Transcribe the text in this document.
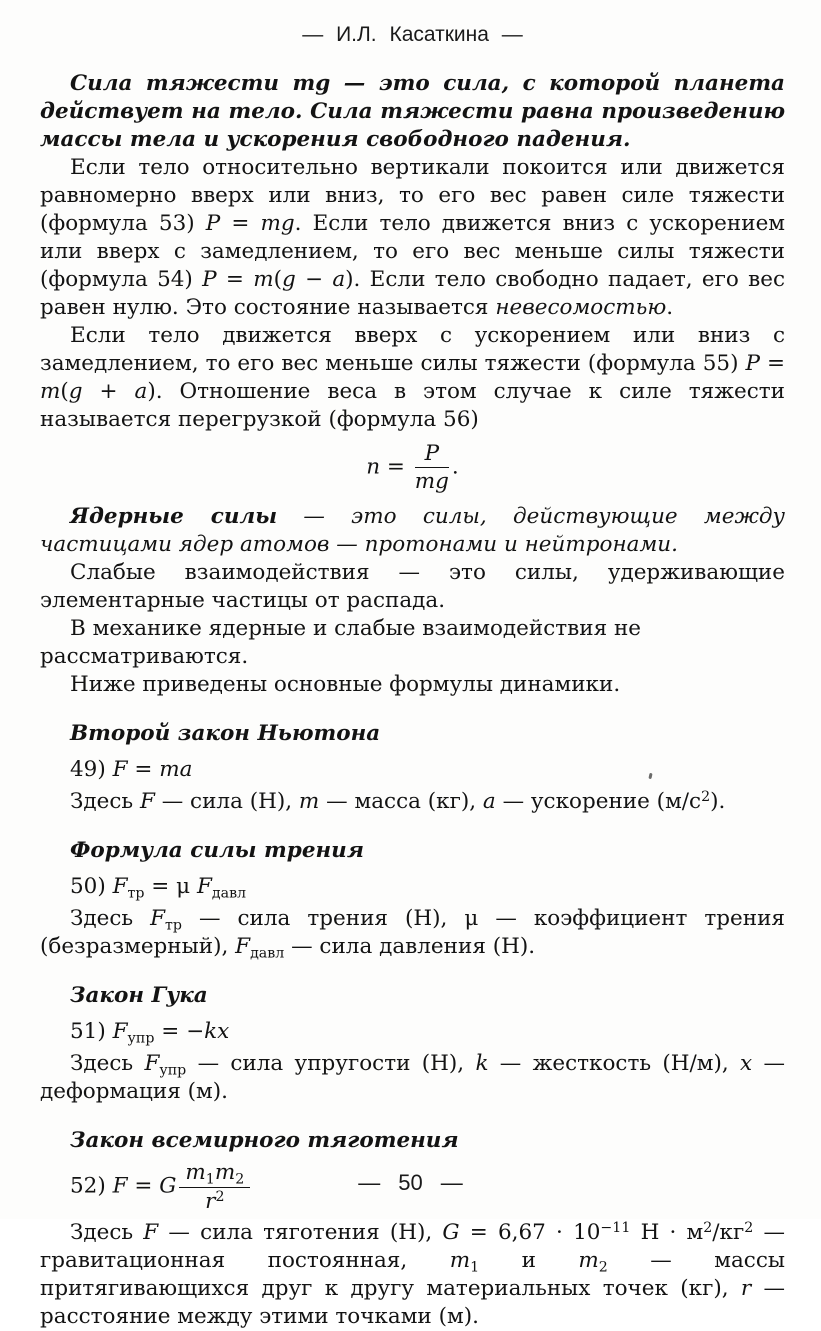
— И.Л. Касаткина —

Сила тяжести mg — это сила, с которой планета действует на тело. Сила тяжести равна произведению массы тела и ускорения свободного падения.

Если тело относительно вертикали покоится или движется равномерно вверх или вниз, то его вес равен силе тяжести (формула 53) P = mg. Если тело движется вниз с ускорением или вверх с замедлением, то его вес меньше силы тяжести (формула 54) P = m(g − a). Если тело свободно падает, его вес равен нулю. Это состояние называется невесомостью.

Если тело движется вверх с ускорением или вниз с замедлением, то его вес меньше силы тяжести (формула 55) P = m(g + a). Отношение веса в этом случае к силе тяжести называется перегрузкой (формула 56)

$n = \frac{P}{mg}$ .

Ядерные силы — это силы, действующие между частицами ядер атомов — протонами и нейтронами.

Слабые взаимодействия — это силы, удерживающие элементарные частицы от распада.

В механике ядерные и слабые взаимодействия не рассматриваются.

Ниже приведены основные формулы динамики.

Второй закон Ньютона

49) F = ma

Здесь F — сила (Н), m — масса (кг), a — ускорение $(м/с^2)$.

Формула силы трения

50) Fтр = μ Fдавл

Здесь Fтр — сила трения (Н), μ — коэффициент трения (безразмерный), Fдавл — сила давления (Н).

Закон Гука

51) Fупр = −kx

Здесь Fупр — сила упругости (Н), k — жесткость (Н/м), x — деформация (м).

Закон всемирного тяготения
52) F = G $\frac{m1m2}{r^2}$

Здесь F — сила тяготения (Н), $G = 6,67 \cdot 10^{-11}$ $Н \cdot м^2/кг^2$ — гравитационная постоянная, m1 и m2 — массы притягивающихся друг к другу материальных точек (кг), r — расстояние между этими точками (м).

— 50 —
